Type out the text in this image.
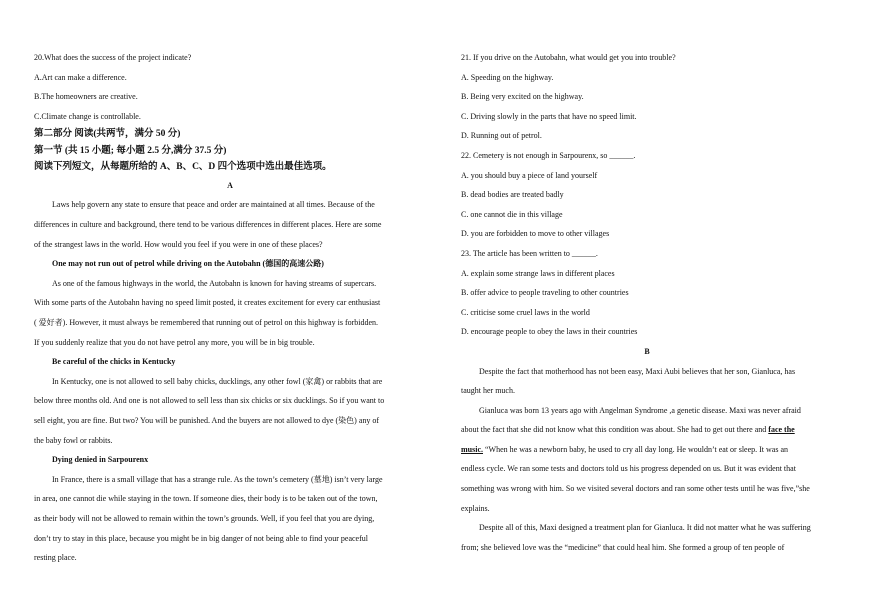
20.What does the success of the project indicate?
A.Art can make a difference.
B.The homeowners are creative.
C.Climate change is controllable.
第二部分 阅读(共两节，满分 50 分)
第一节 (共 15 小题; 每小题 2.5 分,满分 37.5 分)
阅读下列短文，从每题所给的 A、B、C、D 四个选项中选出最佳选项。
A
Laws help govern any state to ensure that peace and order are maintained at all times. Because of the
differences in culture and background, there tend to be various differences in different places. Here are some
of the strangest laws in the world. How would you feel if you were in one of these places?
One may not run out of petrol while driving on the Autobahn (德国的高速公路)
As one of the famous highways in the world, the Autobahn is known for having streams of supercars.
With some parts of the Autobahn having no speed limit posted, it creates excitement for every car enthusiast
( 爱好者). However, it must always be remembered that running out of petrol on this highway is forbidden.
If you suddenly realize that you do not have petrol any more, you will be in big trouble.
Be careful of the chicks in Kentucky
In Kentucky, one is not allowed to sell baby chicks, ducklings, any other fowl (家禽) or rabbits that are
below three months old. And one is not allowed to sell less than six chicks or six ducklings. So if you want to
sell eight, you are fine. But two? You will be punished. And the buyers are not allowed to dye (染色) any of
the baby fowl or rabbits.
Dying denied in Sarpourenx
In France, there is a small village that has a strange rule. As the town’s cemetery (墓地) isn’t very large
in area, one cannot die while staying in the town. If someone dies, their body is to be taken out of the town,
as their body will not be allowed to remain within the town’s grounds. Well, if you feel that you are dying,
don’t try to stay in this place, because you might be in big danger of not being able to find your peaceful
resting place.
21. If you drive on the Autobahn, what would get you into trouble?
A. Speeding on the highway.
B. Being very excited on the highway.
C. Driving slowly in the parts that have no speed limit.
D. Running out of petrol.
22. Cemetery is not enough in Sarpourenx, so ______.
A. you should buy a piece of land yourself
B. dead bodies are treated badly
C. one cannot die in this village
D. you are forbidden to move to other villages
23. The article has been written to ______.
A. explain some strange laws in different places
B. offer advice to people traveling to other countries
C. criticise some cruel laws in the world
D. encourage people to obey the laws in their countries
B
Despite the fact that motherhood has not been easy, Maxi Aubi believes that her son, Gianluca, has
taught her much.
Gianluca was born 13 years ago with Angelman Syndrome ,a genetic disease. Maxi was never afraid
about the fact that she did not know what this condition was about. She had to get out there and face the
music. “When he was a newborn baby, he used to cry all day long. He wouldn’t eat or sleep. It was an
endless cycle. We ran some tests and doctors told us his progress depended on us. But it was evident that
something was wrong with him. So we visited several doctors and ran some other tests until he was five,”she
explains.
Despite all of this, Maxi designed a treatment plan for Gianluca. It did not matter what he was suffering
from; she believed love was the “medicine” that could heal him. She formed a group of ten people of
